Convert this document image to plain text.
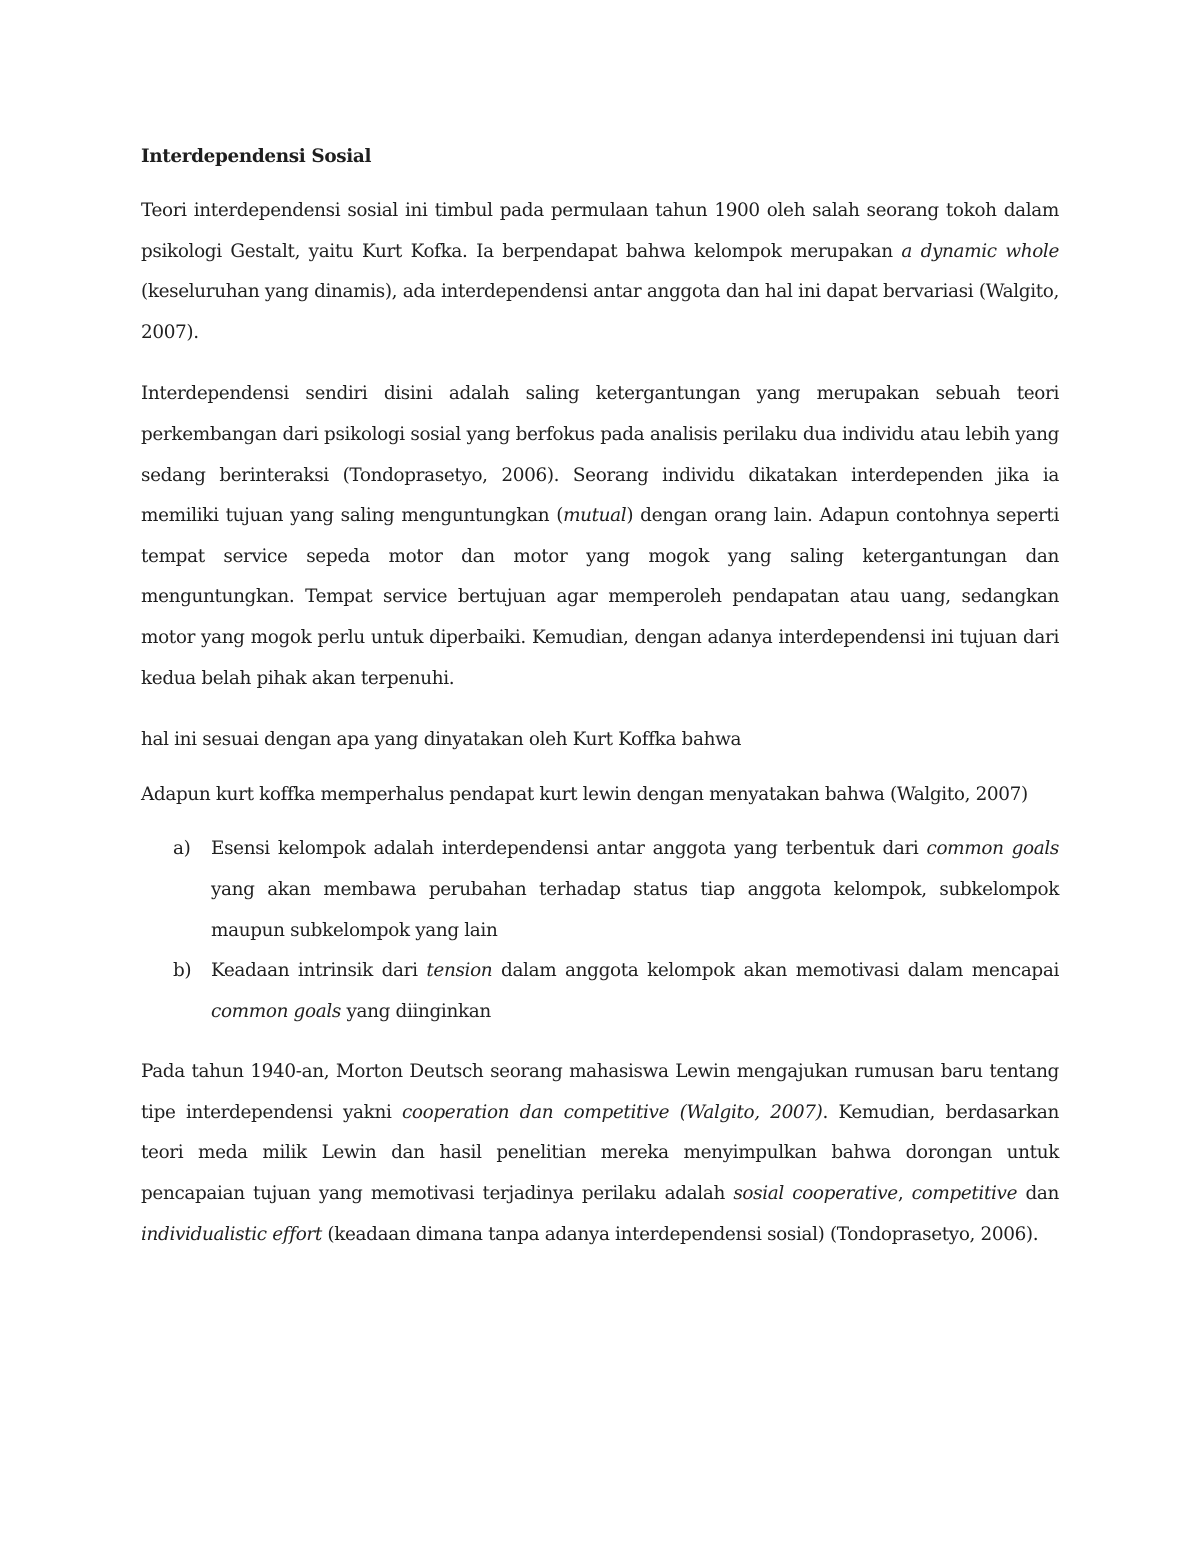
Interdependensi Sosial

Teori interdependensi sosial ini timbul pada permulaan tahun 1900 oleh salah seorang tokoh dalam psikologi Gestalt, yaitu Kurt Kofka. Ia berpendapat bahwa kelompok merupakan a dynamic whole (keseluruhan yang dinamis), ada interdependensi antar anggota dan hal ini dapat bervariasi (Walgito, 2007).

Interdependensi sendiri disini adalah saling ketergantungan yang merupakan sebuah teori perkembangan dari psikologi sosial yang berfokus pada analisis perilaku dua individu atau lebih yang sedang berinteraksi (Tondoprasetyo, 2006). Seorang individu dikatakan interdependen jika ia memiliki tujuan yang saling menguntungkan (mutual) dengan orang lain. Adapun contohnya seperti tempat service sepeda motor dan motor yang mogok yang saling ketergantungan dan menguntungkan. Tempat service bertujuan agar memperoleh pendapatan atau uang, sedangkan motor yang mogok perlu untuk diperbaiki. Kemudian, dengan adanya interdependensi ini tujuan dari kedua belah pihak akan terpenuhi.

hal ini sesuai dengan apa yang dinyatakan oleh Kurt Koffka bahwa

Adapun kurt koffka memperhalus pendapat kurt lewin dengan menyatakan bahwa (Walgito, 2007)

a) Esensi kelompok adalah interdependensi antar anggota yang terbentuk dari common goals yang akan membawa perubahan terhadap status tiap anggota kelompok, subkelompok maupun subkelompok yang lain
b) Keadaan intrinsik dari tension dalam anggota kelompok akan memotivasi dalam mencapai common goals yang diinginkan

Pada tahun 1940-an, Morton Deutsch seorang mahasiswa Lewin mengajukan rumusan baru tentang tipe interdependensi yakni cooperation dan competitive (Walgito, 2007). Kemudian, berdasarkan teori meda milik Lewin dan hasil penelitian mereka menyimpulkan bahwa dorongan untuk pencapaian tujuan yang memotivasi terjadinya perilaku adalah sosial cooperative, competitive dan individualistic effort (keadaan dimana tanpa adanya interdependensi sosial) (Tondoprasetyo, 2006).
